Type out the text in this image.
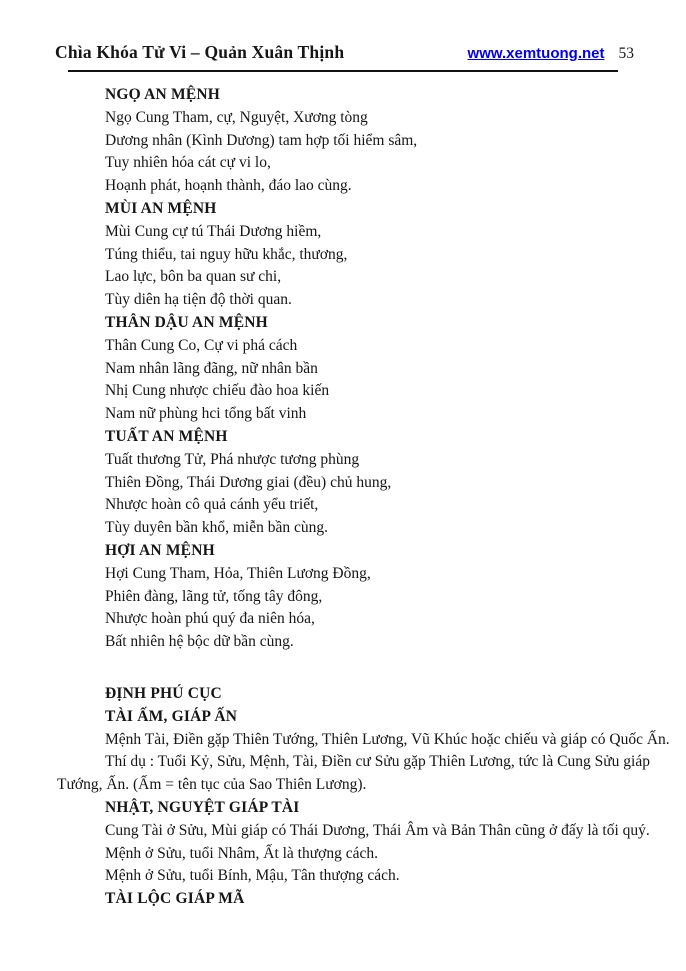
Chìa Khóa Tử Vi – Quản Xuân Thịnh	www.xemtuong.net 53
NGỌ AN MỆNH
Ngọ Cung Tham, cự, Nguyệt, Xương tòng
Dương nhân (Kình Dương) tam hợp tối hiểm sâm,
Tuy nhiên hóa cát cự vi lo,
Hoạnh phát, hoạnh thành, đáo lao cùng.
MÙI AN MỆNH
Mùi Cung cự tú Thái Dương hiềm,
Túng thiểu, tai nguy hữu khắc, thương,
Lao lực, bôn ba quan sư chi,
Tùy diên hạ tiện độ thời quan.
THÂN DẬU AN MỆNH
Thân Cung Co, Cự vi phá cách
Nam nhân lãng đãng, nữ nhân bần
Nhị Cung nhược chiếu đào hoa kiến
Nam nữ phùng hci tổng bất vinh
TUẤT AN MỆNH
Tuất thương Tử, Phá nhược tương phùng
Thiên Đồng, Thái Dương giai (đều) chủ hung,
Nhược hoàn cô quả cánh yểu triết,
Tùy duyên bần khổ, miễn bần cùng.
HỢI AN MỆNH
Hợi Cung Tham, Hỏa, Thiên Lương Đồng,
Phiên đàng, lãng tử, tống tây đông,
Nhược hoàn phú quý đa niên hóa,
Bất nhiên hệ bộc dữ bần cùng.
ĐỊNH PHÚ CỤC
TÀI ẤM, GIÁP ẤN
Mệnh Tài, Điền gặp Thiên Tướng, Thiên Lương, Vũ Khúc hoặc chiếu và giáp có Quốc Ấn.
Thí dụ : Tuổi Kỷ, Sửu, Mệnh, Tài, Điền cư Sửu gặp Thiên Lương, tức là Cung Sửu giáp
Tướng, Ấn. (Ấm = tên tục của Sao Thiên Lương).
NHẬT, NGUYỆT GIÁP TÀI
Cung Tài ở Sửu, Mùi giáp có Thái Dương, Thái Âm và Bản Thân cũng ở đấy là tối quý.
Mệnh ở Sửu, tuổi Nhâm, Ất là thượng cách.
Mệnh ở Sửu, tuổi Bính, Mậu, Tân thượng cách.
TÀI LỘC GIÁP MÃ
